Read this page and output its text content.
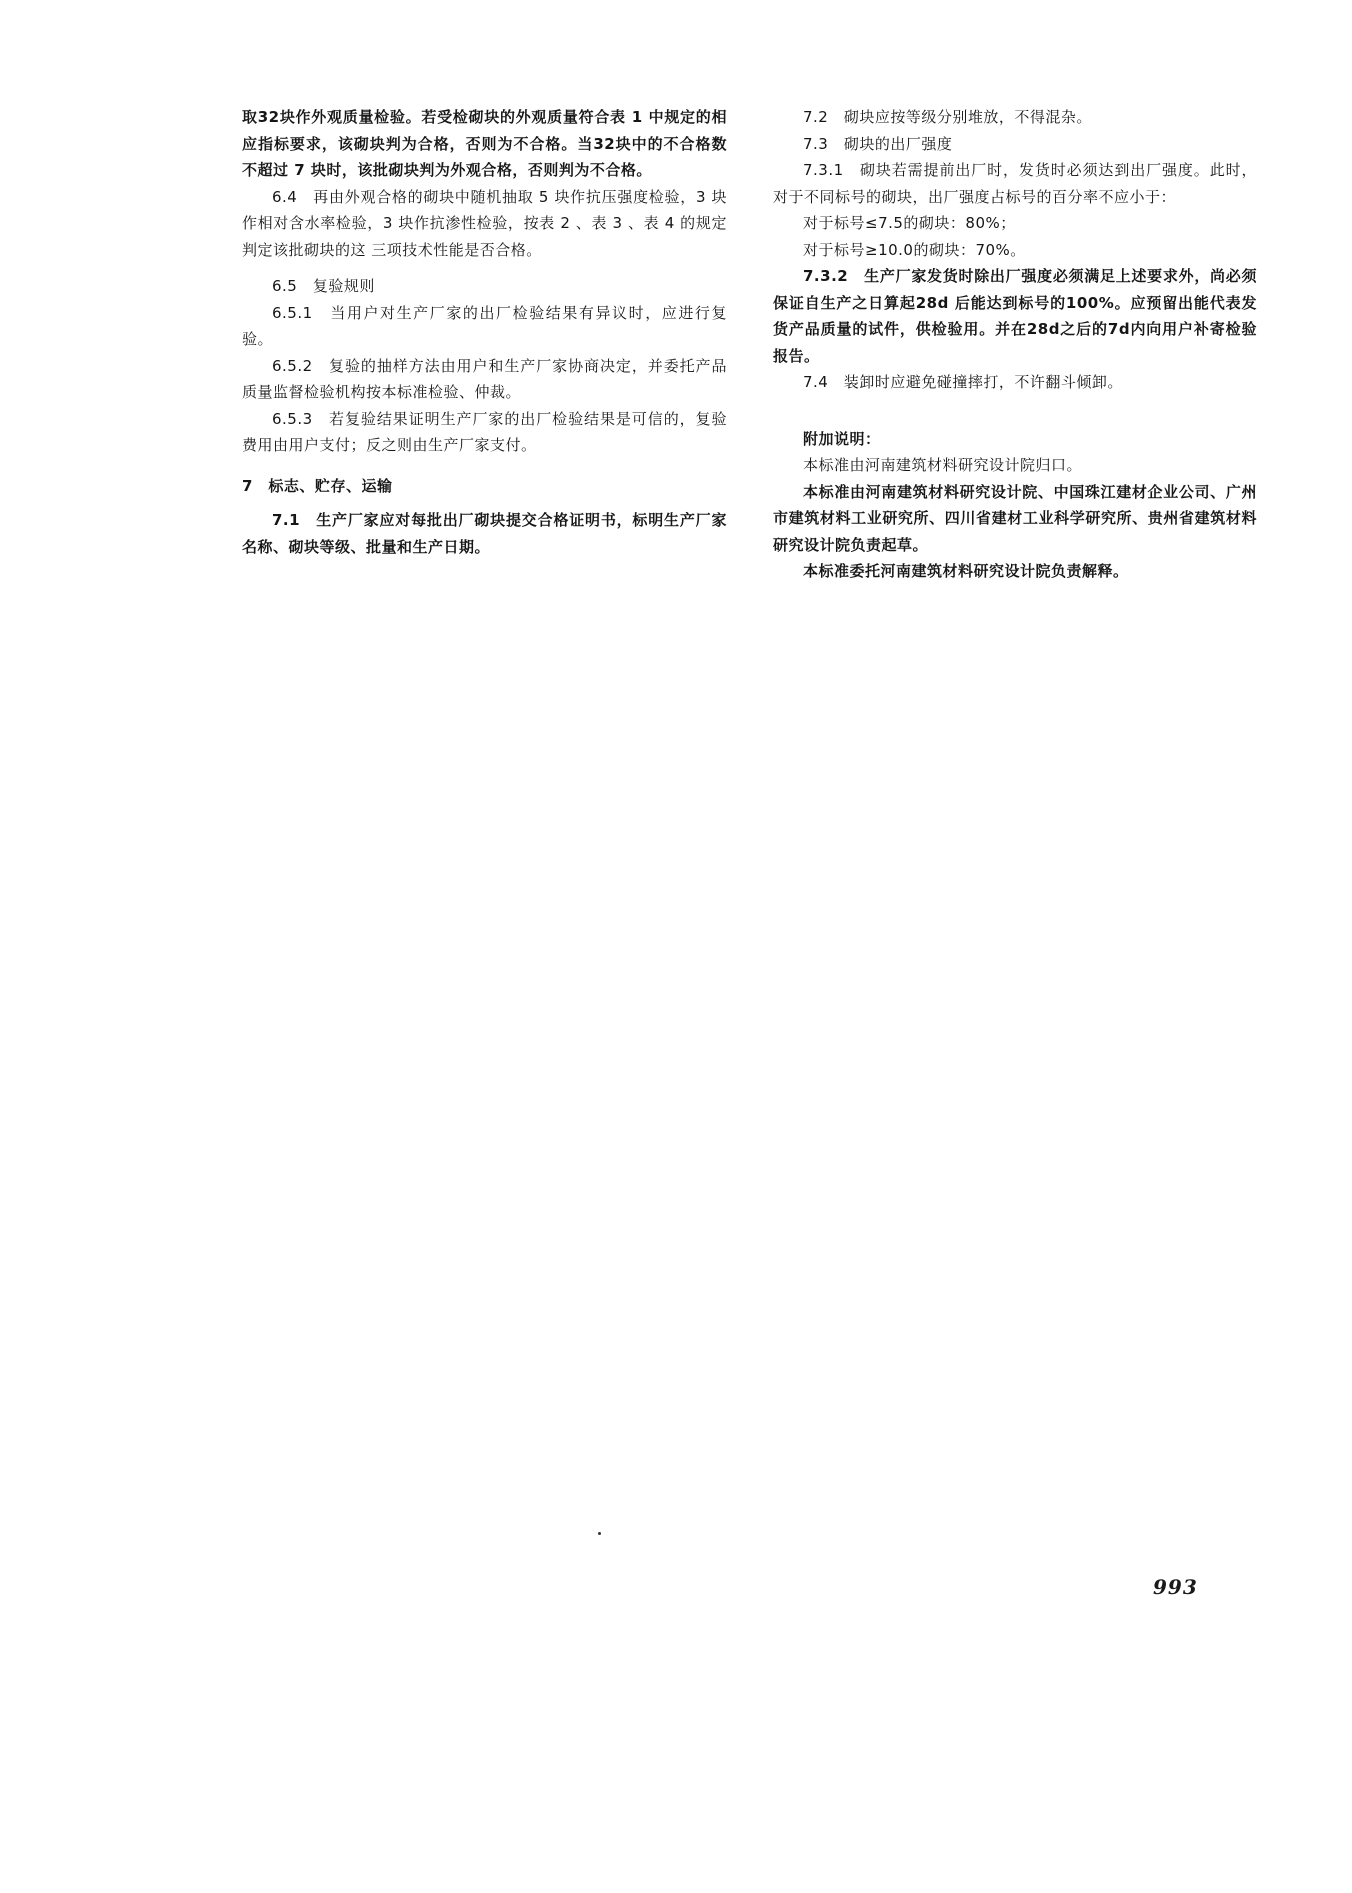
取32块作外观质量检验。若受检砌块的外观质量符合表 1 中规定的相应指标要求，该砌块判为合格，否则为不合格。当32块中的不合格数不超过 7 块时，该批砌块判为外观合格，否则判为不合格。

6.4　再由外观合格的砌块中随机抽取 5 块作抗压强度检验，3 块作相对含水率检验，3 块作抗渗性检验，按表 2 、表 3 、表 4 的规定判定该批砌块的这 三项技术性能是否合格。

6.5　复验规则

6.5.1　当用户对生产厂家的出厂检验结果有异议时，应进行复验。

6.5.2　复验的抽样方法由用户和生产厂家协商决定，并委托产品质量监督检验机构按本标准检验、仲裁。

6.5.3　若复验结果证明生产厂家的出厂检验结果是可信的，复验费用由用户支付；反之则由生产厂家支付。

7　标志、贮存、运输

7.1　生产厂家应对每批出厂砌块提交合格证明书，标明生产厂家名称、砌块等级、批量和生产日期。

7.2　砌块应按等级分别堆放，不得混杂。

7.3　砌块的出厂强度

7.3.1　砌块若需提前出厂时，发货时必须达到出厂强度。此时，对于不同标号的砌块，出厂强度占标号的百分率不应小于：

对于标号≤7.5的砌块：80%；

对于标号≥10.0的砌块：70%。

7.3.2　生产厂家发货时除出厂强度必须满足上述要求外，尚必须保证自生产之日算起28d 后能达到标号的100%。应预留出能代表发货产品质量的试件，供检验用。并在28d之后的7d内向用户补寄检验报告。

7.4　装卸时应避免碰撞摔打，不许翻斗倾卸。

附加说明：

本标准由河南建筑材料研究设计院归口。

本标准由河南建筑材料研究设计院、中国珠江建材企业公司、广州市建筑材料工业研究所、四川省建材工业科学研究所、贵州省建筑材料研究设计院负责起草。

本标准委托河南建筑材料研究设计院负责解释。

993
